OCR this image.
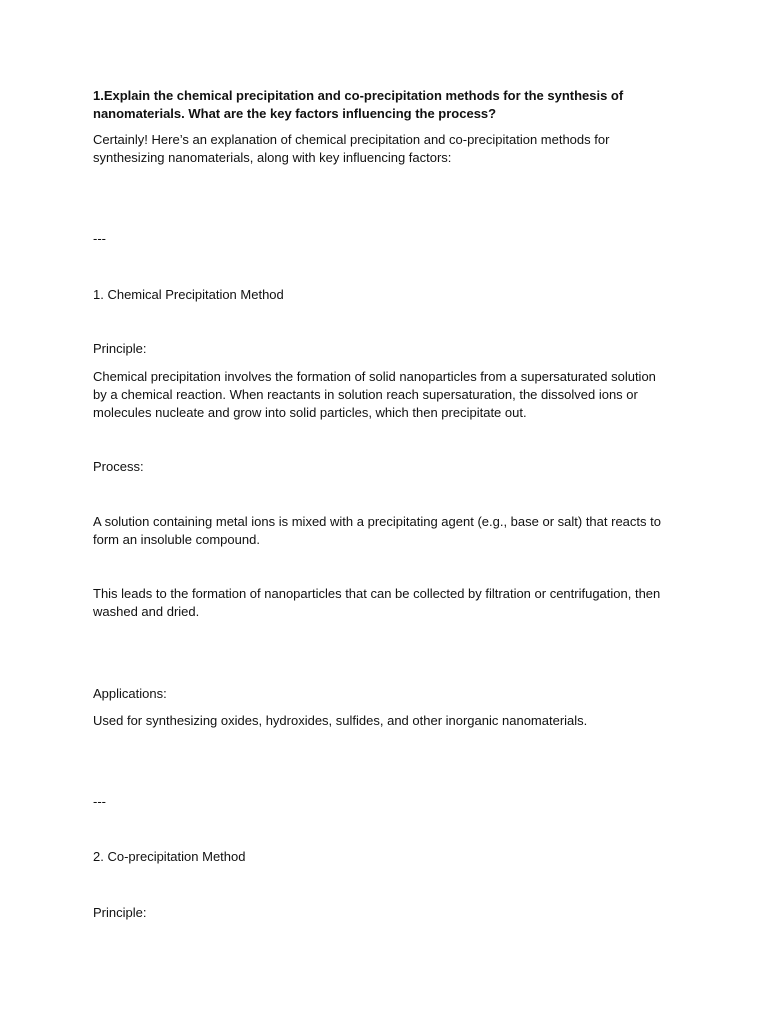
1.Explain the chemical precipitation and co-precipitation methods for the synthesis of
nanomaterials. What are the key factors influencing the process?
Certainly! Here’s an explanation of chemical precipitation and co-precipitation methods for
synthesizing nanomaterials, along with key influencing factors:
---
1. Chemical Precipitation Method
Principle:
Chemical precipitation involves the formation of solid nanoparticles from a supersaturated solution
by a chemical reaction. When reactants in solution reach supersaturation, the dissolved ions or
molecules nucleate and grow into solid particles, which then precipitate out.
Process:
A solution containing metal ions is mixed with a precipitating agent (e.g., base or salt) that reacts to
form an insoluble compound.
This leads to the formation of nanoparticles that can be collected by filtration or centrifugation, then
washed and dried.
Applications:
Used for synthesizing oxides, hydroxides, sulfides, and other inorganic nanomaterials.
---
2. Co-precipitation Method
Principle:
